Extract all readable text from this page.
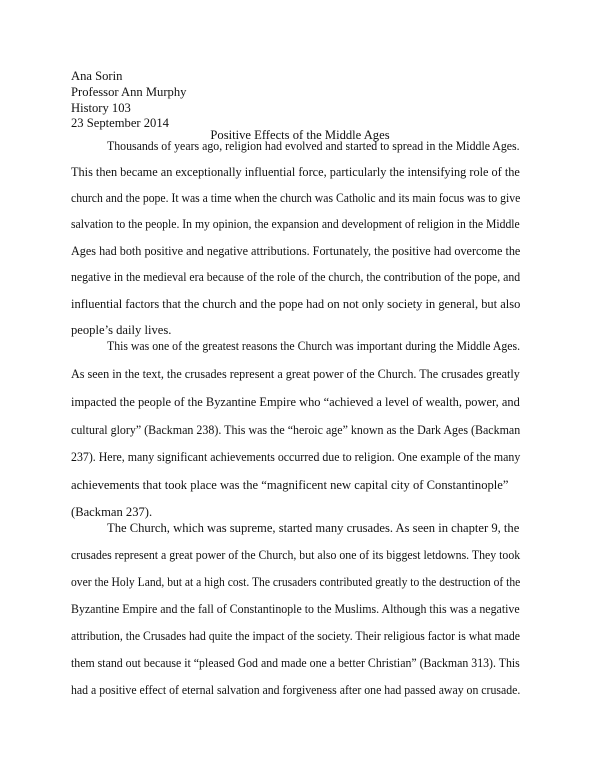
Ana Sorin
Professor Ann Murphy
History 103
23 September 2014
Positive Effects of the Middle Ages
Thousands of years ago, religion had evolved and started to spread in the Middle Ages.
This then became an exceptionally influential force, particularly the intensifying role of the
church and the pope. It was a time when the church was Catholic and its main focus was to give
salvation to the people. In my opinion, the expansion and development of religion in the Middle
Ages had both positive and negative attributions. Fortunately, the positive had overcome the
negative in the medieval era because of the role of the church, the contribution of the pope, and
influential factors that the church and the pope had on not only society in general, but also
people’s daily lives.
This was one of the greatest reasons the Church was important during the Middle Ages.
As seen in the text, the crusades represent a great power of the Church. The crusades greatly
impacted the people of the Byzantine Empire who “achieved a level of wealth, power, and
cultural glory” (Backman 238). This was the “heroic age” known as the Dark Ages (Backman
237). Here, many significant achievements occurred due to religion. One example of the many
achievements that took place was the “magnificent new capital city of Constantinople”
(Backman 237).
The Church, which was supreme, started many crusades. As seen in chapter 9, the
crusades represent a great power of the Church, but also one of its biggest letdowns. They took
over the Holy Land, but at a high cost. The crusaders contributed greatly to the destruction of the
Byzantine Empire and the fall of Constantinople to the Muslims. Although this was a negative
attribution, the Crusades had quite the impact of the society. Their religious factor is what made
them stand out because it “pleased God and made one a better Christian” (Backman 313). This
had a positive effect of eternal salvation and forgiveness after one had passed away on crusade.
